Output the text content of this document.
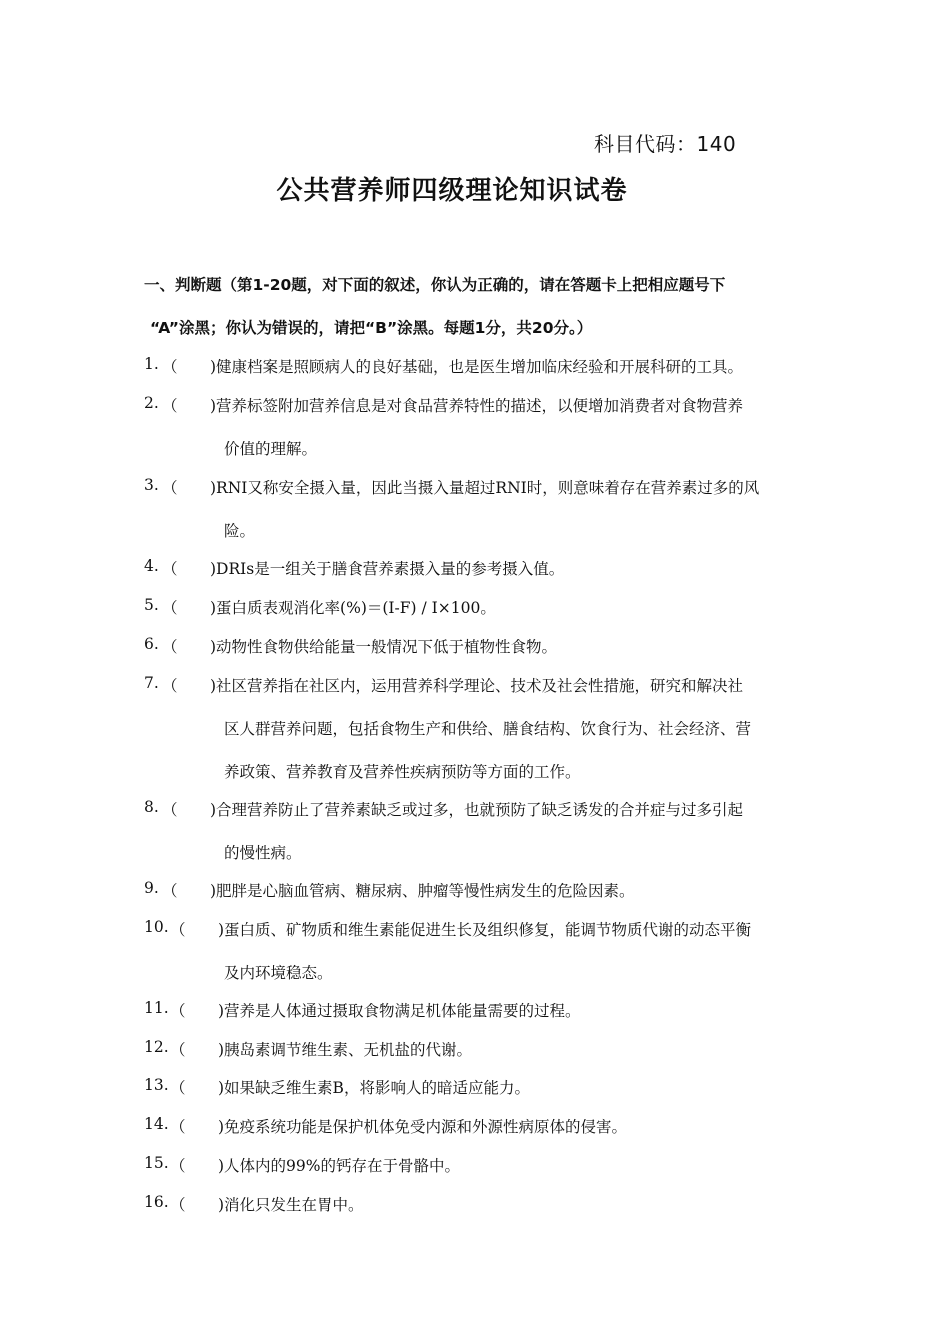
科目代码：140
公共营养师四级理论知识试卷
一、判断题（第1-20题，对下面的叙述，你认为正确的，请在答题卡上把相应题号下
“A”涂黑；你认为错误的，请把“B”涂黑。每题1分，共20分。）
1. （ )健康档案是照顾病人的良好基础，也是医生增加临床经验和开展科研的工具。
2. （ )营养标签附加营养信息是对食品营养特性的描述，以便增加消费者对食物营养
价值的理解。
3. （ )RNI又称安全摄入量，因此当摄入量超过RNI时，则意味着存在营养素过多的风
险。
4. （ )DRIs是一组关于膳食营养素摄入量的参考摄入值。
5. （ )蛋白质表观消化率(%)＝(I-F) / I×100。
6. （ )动物性食物供给能量一般情况下低于植物性食物。
7. （ )社区营养指在社区内，运用营养科学理论、技术及社会性措施，研究和解决社
区人群营养问题，包括食物生产和供给、膳食结构、饮食行为、社会经济、营
养政策、营养教育及营养性疾病预防等方面的工作。
8. （ )合理营养防止了营养素缺乏或过多，也就预防了缺乏诱发的合并症与过多引起
的慢性病。
9. （ )肥胖是心脑血管病、糖尿病、肿瘤等慢性病发生的危险因素。
10. （ )蛋白质、矿物质和维生素能促进生长及组织修复，能调节物质代谢的动态平衡
及内环境稳态。
11. （ )营养是人体通过摄取食物满足机体能量需要的过程。
12. （ )胰岛素调节维生素、无机盐的代谢。
13. （ )如果缺乏维生素B，将影响人的暗适应能力。
14. （ )免疫系统功能是保护机体免受内源和外源性病原体的侵害。
15. （ )人体内的99%的钙存在于骨骼中。
16. （ )消化只发生在胃中。
